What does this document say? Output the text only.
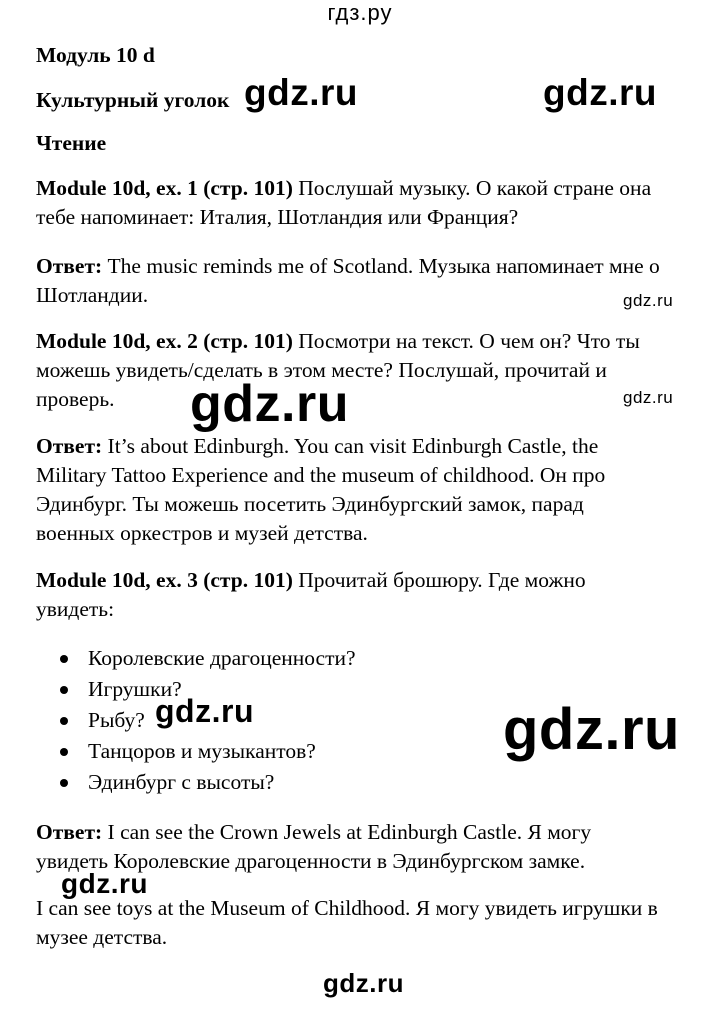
гдз.ру
Модуль 10 d
Культурный уголок
Чтение
Module 10d, ex. 1 (стр. 101) Послушай музыку. О какой стране она
тебе напоминает: Италия, Шотландия или Франция?
Ответ: The music reminds me of Scotland. Музыка напоминает мне о
Шотландии.
Module 10d, ex. 2 (стр. 101) Посмотри на текст. О чем он? Что ты
можешь увидеть/сделать в этом месте? Послушай, прочитай и
проверь.
Ответ: It’s about Edinburgh. You can visit Edinburgh Castle, the
Military Tattoo Experience and the museum of childhood. Он про
Эдинбург. Ты можешь посетить Эдинбургский замок, парад
военных оркестров и музей детства.
Module 10d, ex. 3 (стр. 101) Прочитай брошюру. Где можно
увидеть:
Королевские драгоценности?
Игрушки?
Рыбу?
Танцоров и музыкантов?
Эдинбург с высоты?
Ответ: I can see the Crown Jewels at Edinburgh Castle. Я могу
увидеть Королевские драгоценности в Эдинбургском замке.
I can see toys at the Museum of Childhood. Я могу увидеть игрушки в
музее детства.
gdz.ru	gdz.ru
gdz.ru
gdz.ru	gdz.ru
gdz.ru	gdz.ru
gdz.ru
gdz.ru
